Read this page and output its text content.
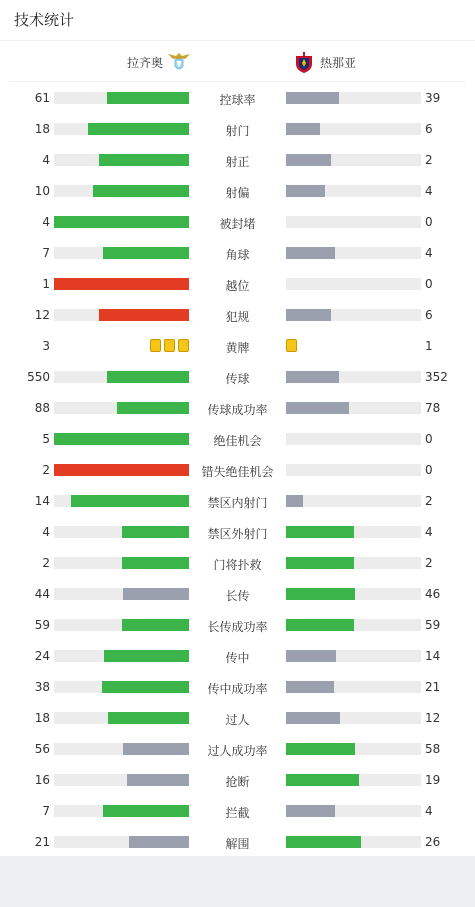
技术统计
拉齐奥	热那亚
61	控球率	39
18	射门	6
4	射正	2
10	射偏	4
4	被封堵	0
7	角球	4
1	越位	0
12	犯规	6
3	黄牌	1
550	传球	352
88	传球成功率	78
5	绝佳机会	0
2	错失绝佳机会	0
14	禁区内射门	2
4	禁区外射门	4
2	门将扑救	2
44	长传	46
59	长传成功率	59
24	传中	14
38	传中成功率	21
18	过人	12
56	过人成功率	58
16	抢断	19
7	拦截	4
21	解围	26
